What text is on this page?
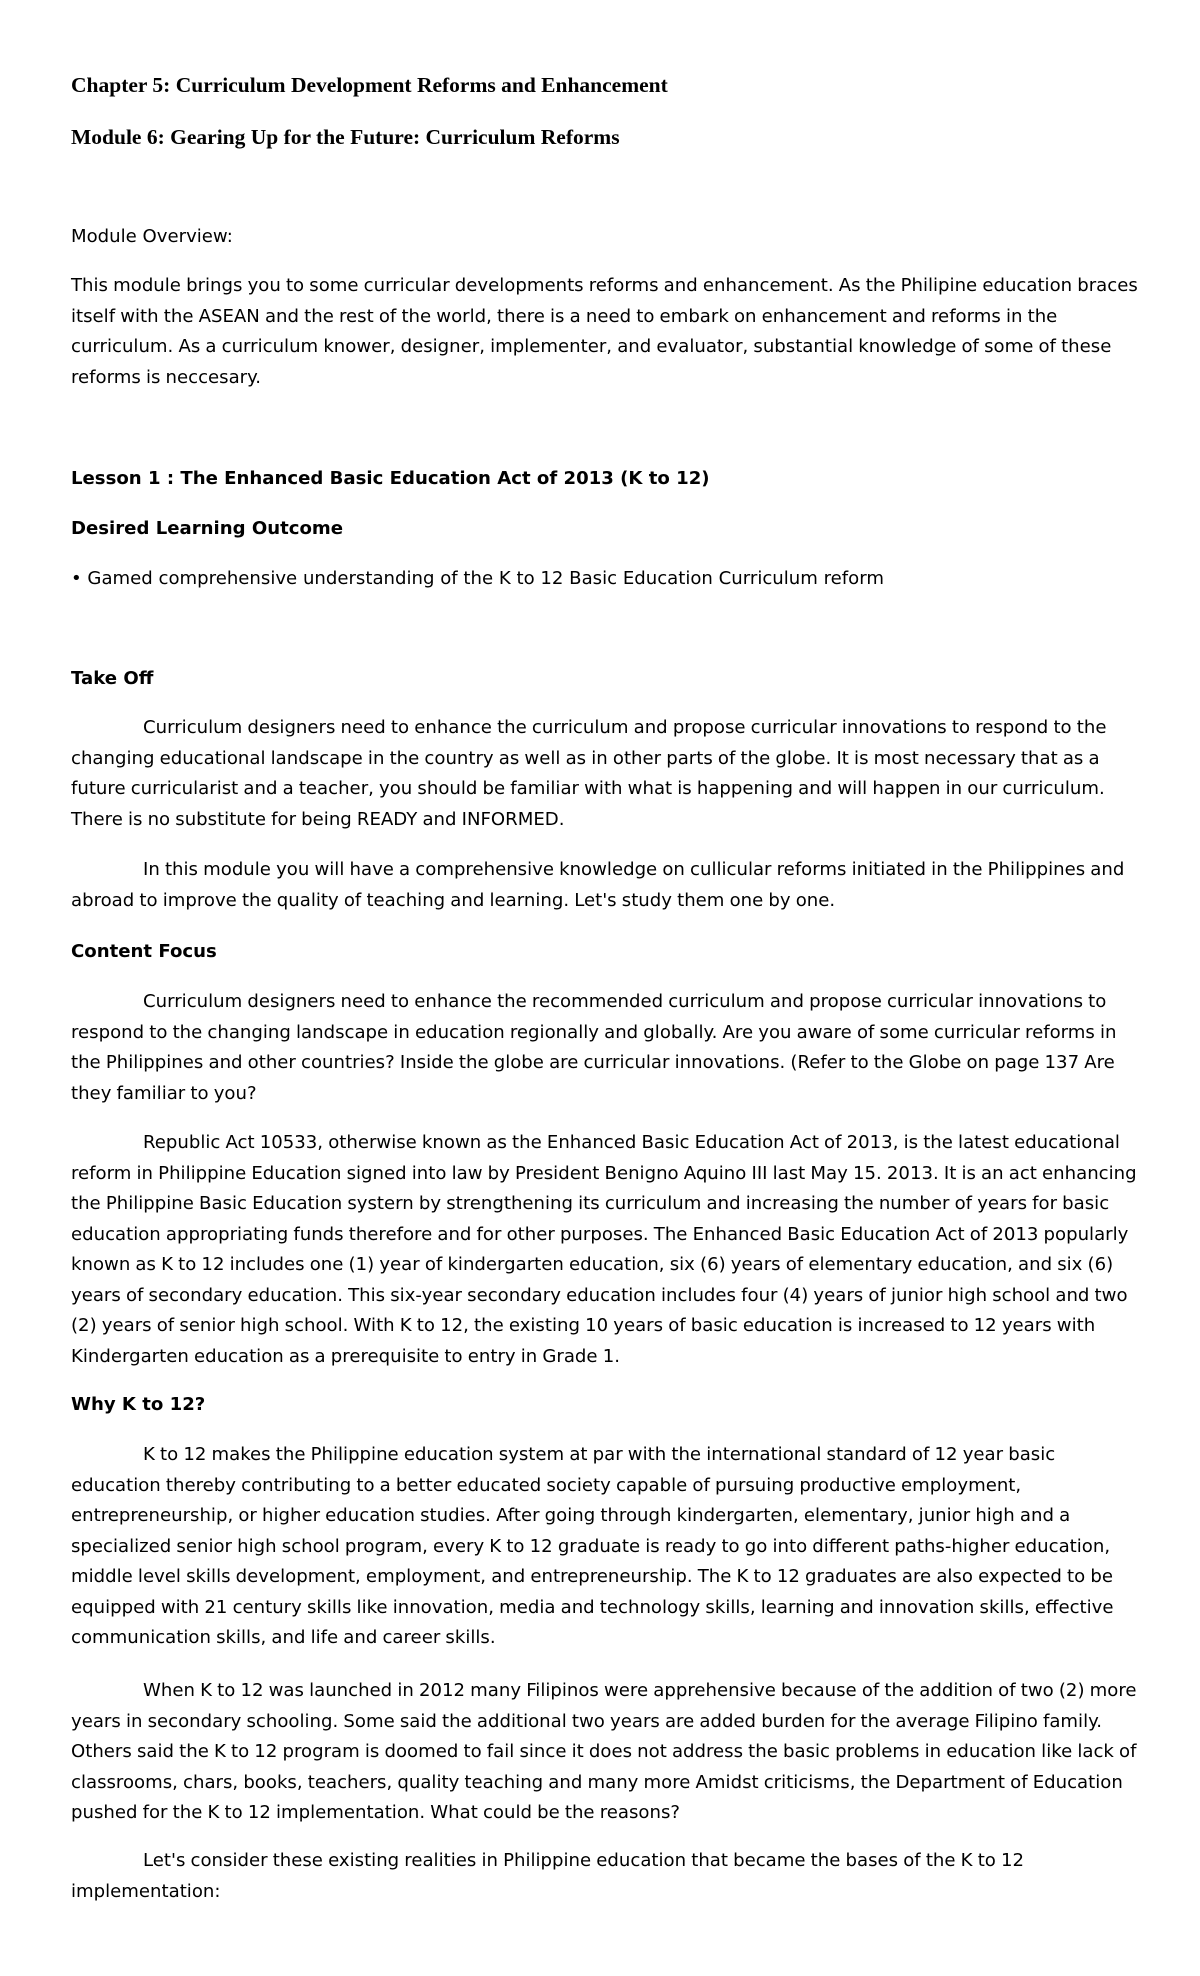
Chapter 5: Curriculum Development Reforms and Enhancement
Module 6: Gearing Up for the Future: Curriculum Reforms

Module Overview:

This module brings you to some curricular developments reforms and enhancement. As the Philipine education braces itself with the ASEAN and the rest of the world, there is a need to embark on enhancement and reforms in the curriculum. As a curriculum knower, designer, implementer, and evaluator, substantial knowledge of some of these reforms is neccesary.

Lesson 1 : The Enhanced Basic Education Act of 2013 (K to 12)

Desired Learning Outcome

• Gamed comprehensive understanding of the K to 12 Basic Education Curriculum reform

Take Off

Curriculum designers need to enhance the curriculum and propose curricular innovations to respond to the changing educational landscape in the country as well as in other parts of the globe. It is most necessary that as a future curricularist and a teacher, you should be familiar with what is happening and will happen in our curriculum. There is no substitute for being READY and INFORMED.

In this module you will have a comprehensive knowledge on cullicular reforms initiated in the Philippines and abroad to improve the quality of teaching and learning. Let's study them one by one.

Content Focus

Curriculum designers need to enhance the recommended curriculum and propose curricular innovations to respond to the changing landscape in education regionally and globally. Are you aware of some curricular reforms in the Philippines and other countries? Inside the globe are curricular innovations. (Refer to the Globe on page 137 Are they familiar to you?

Republic Act 10533, otherwise known as the Enhanced Basic Education Act of 2013, is the latest educational reform in Philippine Education signed into law by President Benigno Aquino III last May 15. 2013. It is an act enhancing the Philippine Basic Education systern by strengthening its curriculum and increasing the number of years for basic education appropriating funds therefore and for other purposes. The Enhanced Basic Education Act of 2013 popularly known as K to 12 includes one (1) year of kindergarten education, six (6) years of elementary education, and six (6) years of secondary education. This six-year secondary education includes four (4) years of junior high school and two (2) years of senior high school. With K to 12, the existing 10 years of basic education is increased to 12 years with Kindergarten education as a prerequisite to entry in Grade 1.

Why K to 12?

K to 12 makes the Philippine education system at par with the international standard of 12 year basic education thereby contributing to a better educated society capable of pursuing productive employment, entrepreneurship, or higher education studies. After going through kindergarten, elementary, junior high and a specialized senior high school program, every K to 12 graduate is ready to go into different paths-higher education, middle level skills development, employment, and entrepreneurship. The K to 12 graduates are also expected to be equipped with 21 century skills like innovation, media and technology skills, learning and innovation skills, effective communication skills, and life and career skills.

When K to 12 was launched in 2012 many Filipinos were apprehensive because of the addition of two (2) more years in secondary schooling. Some said the additional two years are added burden for the average Filipino family. Others said the K to 12 program is doomed to fail since it does not address the basic problems in education like lack of classrooms, chars, books, teachers, quality teaching and many more Amidst criticisms, the Department of Education pushed for the K to 12 implementation. What could be the reasons?

Let's consider these existing realities in Philippine education that became the bases of the K to 12 implementation:
